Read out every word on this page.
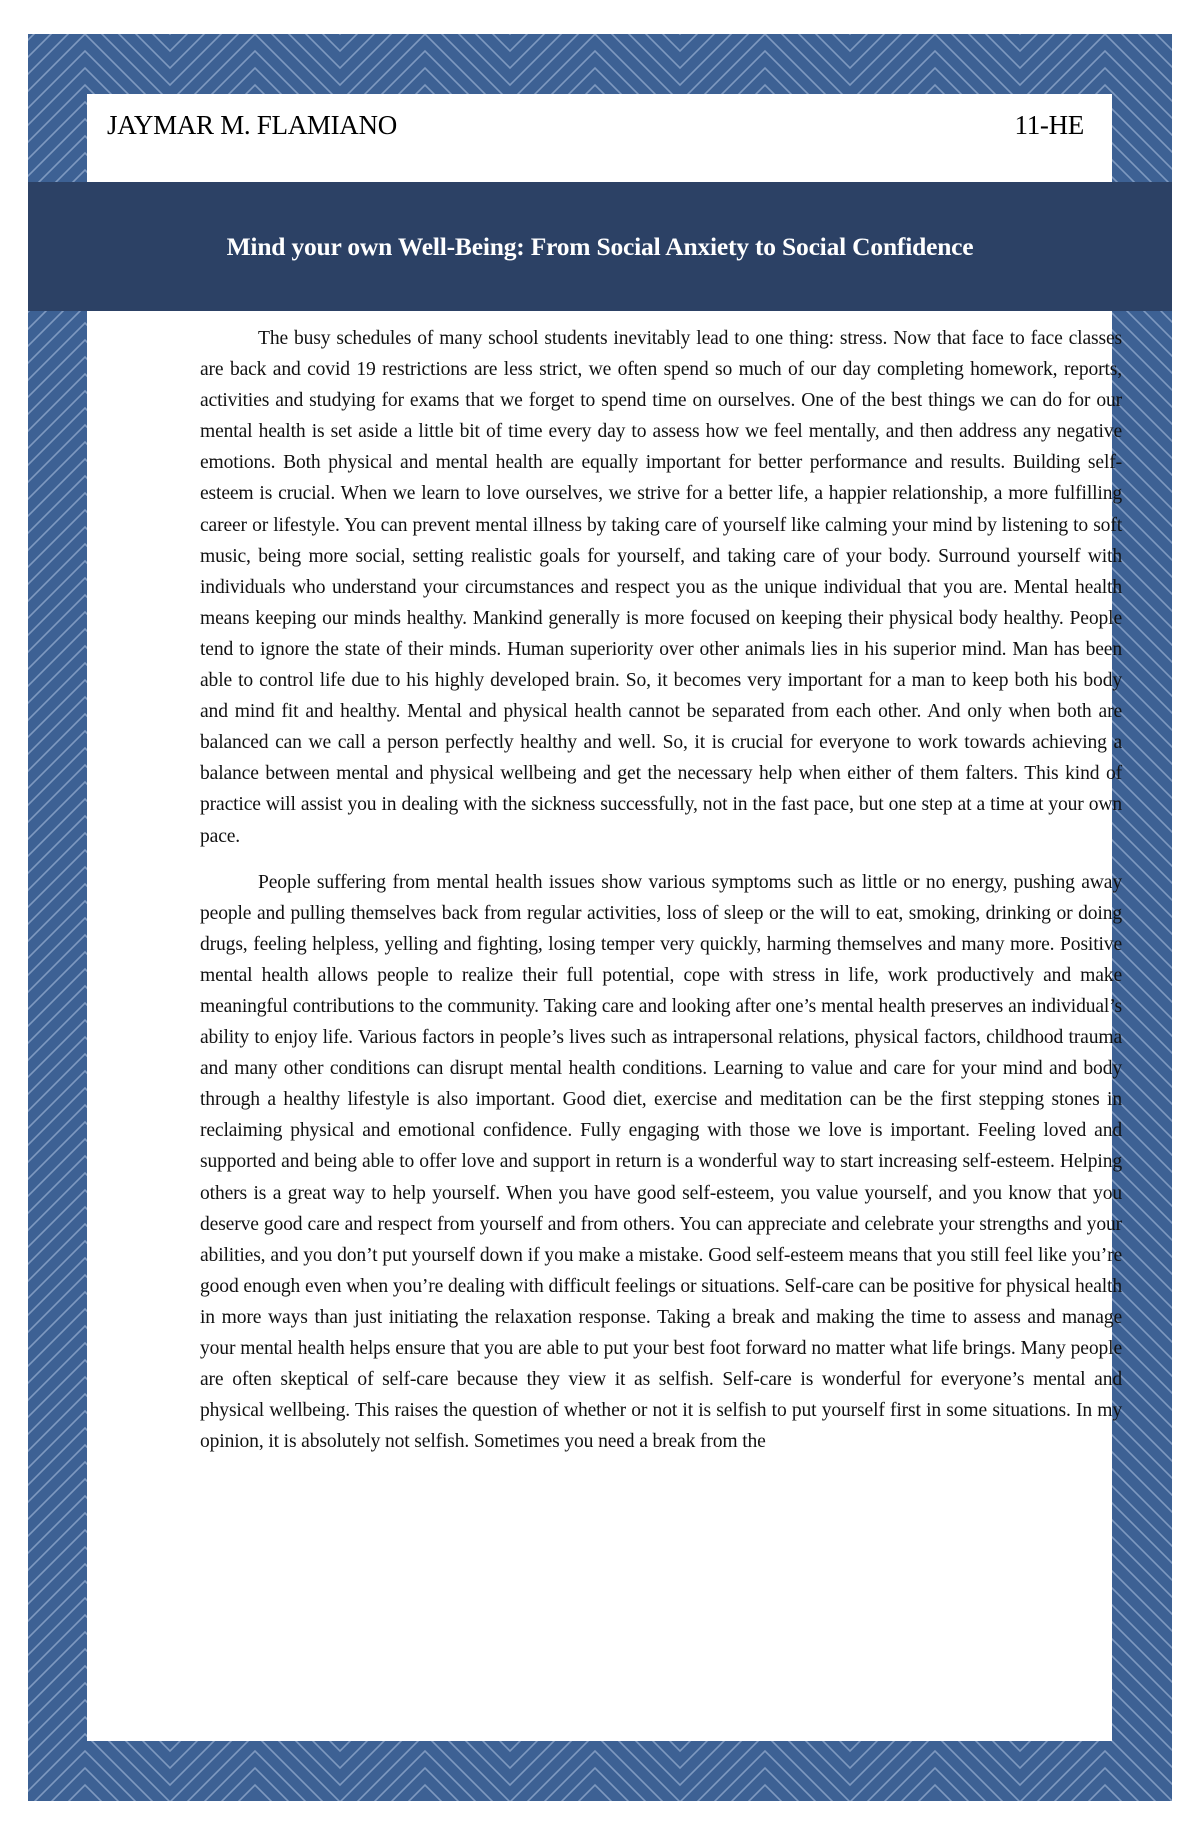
JAYMAR M. FLAMIANO	11-HE

The busy schedules of many school students inevitably lead to one thing: stress. Now that face to face classes are back and covid 19 restrictions are less strict, we often spend so much of our day completing homework, reports, activities and studying for exams that we forget to spend time on ourselves. One of the best things we can do for our mental health is set aside a little bit of time every day to assess how we feel mentally, and then address any negative emotions. Both physical and mental health are equally important for better performance and results. Building self-esteem is crucial. When we learn to love ourselves, we strive for a better life, a happier relationship, a more fulfilling career or lifestyle. You can prevent mental illness by taking care of yourself like calming your mind by listening to soft music, being more social, setting realistic goals for yourself, and taking care of your body. Surround yourself with individuals who understand your circumstances and respect you as the unique individual that you are. Mental health means keeping our minds healthy. Mankind generally is more focused on keeping their physical body healthy. People tend to ignore the state of their minds. Human superiority over other animals lies in his superior mind. Man has been able to control life due to his highly developed brain. So, it becomes very important for a man to keep both his body and mind fit and healthy. Mental and physical health cannot be separated from each other. And only when both are balanced can we call a person perfectly healthy and well. So, it is crucial for everyone to work towards achieving a balance between mental and physical wellbeing and get the necessary help when either of them falters. This kind of practice will assist you in dealing with the sickness successfully, not in the fast pace, but one step at a time at your own pace.

People suffering from mental health issues show various symptoms such as little or no energy, pushing away people and pulling themselves back from regular activities, loss of sleep or the will to eat, smoking, drinking or doing drugs, feeling helpless, yelling and fighting, losing temper very quickly, harming themselves and many more. Positive mental health allows people to realize their full potential, cope with stress in life, work productively and make meaningful contributions to the community. Taking care and looking after one’s mental health preserves an individual’s ability to enjoy life. Various factors in people’s lives such as intrapersonal relations, physical factors, childhood trauma and many other conditions can disrupt mental health conditions. Learning to value and care for your mind and body through a healthy lifestyle is also important. Good diet, exercise and meditation can be the first stepping stones in reclaiming physical and emotional confidence. Fully engaging with those we love is important. Feeling loved and supported and being able to offer love and support in return is a wonderful way to start increasing self-esteem. Helping others is a great way to help yourself. When you have good self-esteem, you value yourself, and you know that you deserve good care and respect from yourself and from others. You can appreciate and celebrate your strengths and your abilities, and you don’t put yourself down if you make a mistake. Good self-esteem means that you still feel like you’re good enough even when you’re dealing with difficult feelings or situations. Self-care can be positive for physical health in more ways than just initiating the relaxation response. Taking a break and making the time to assess and manage your mental health helps ensure that you are able to put your best foot forward no matter what life brings. Many people are often skeptical of self-care because they view it as selfish. Self-care is wonderful for everyone’s mental and physical wellbeing. This raises the question of whether or not it is selfish to put yourself first in some situations. In my opinion, it is absolutely not selfish. Sometimes you need a break from the

Mind your own Well-Being: From Social Anxiety to Social Confidence
